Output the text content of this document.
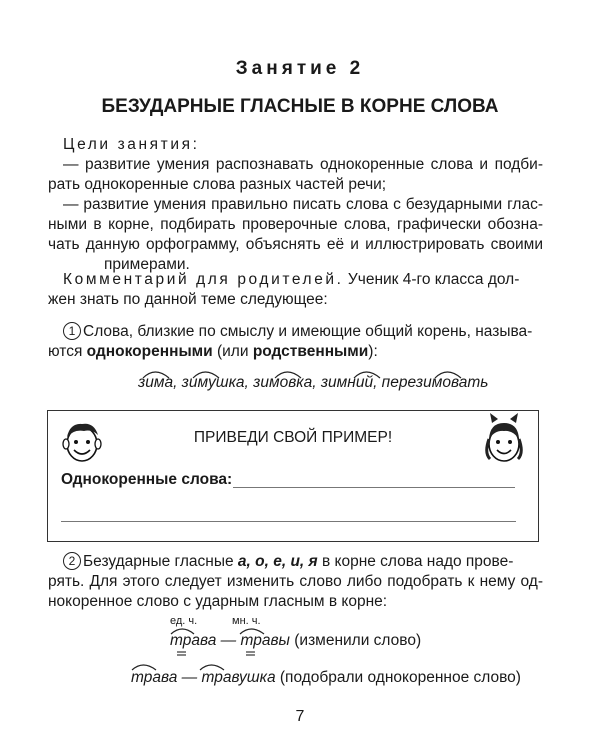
Занятие 2
БЕЗУДАРНЫЕ ГЛАСНЫЕ В КОРНЕ СЛОВА
Цели занятия:
— развитие умения распознавать однокоренные слова и подби-
рать однокоренные слова разных частей речи;
— развитие умения правильно писать слова с безударными глас-
ными в корне, подбирать проверочные слова, графически обозна-
чать данную орфограмму, объяснять её и иллюстрировать своими
примерами.
Комментарий для родителей. Ученик 4-го класса дол-
жен знать по данной теме следующее:
1 Слова, близкие по смыслу и имеющие общий корень, называ-
ются однокоренными (или родственными):
зима, зимушка, зимовка, зимний, перезимовать
ПРИВЕДИ СВОЙ ПРИМЕР!
Однокоренные слова:
2 Безударные гласные а, о, е, и, я в корне слова надо прове-
рять. Для этого следует изменить слово либо подобрать к нему од-
нокоренное слово с ударным гласным в корне:
ед. ч.	мн. ч.
трава — травы (изменили слово)
трава — травушка (подобрали однокоренное слово)
7
